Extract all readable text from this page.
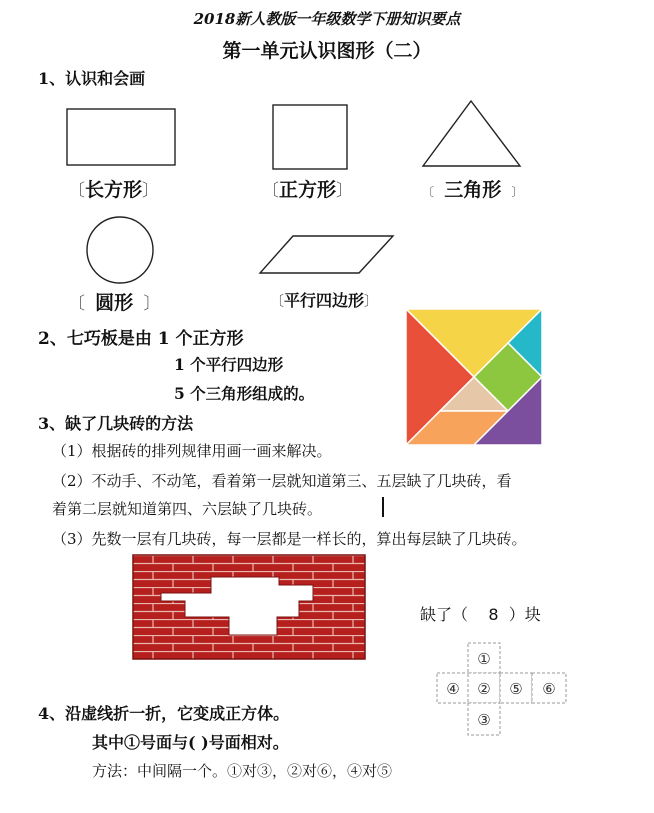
2018新人教版一年级数学下册知识要点
第一单元认识图形（二）
1、认识和会画
〔长方形〕	〔正方形〕	〔 三角形 〕
〔 圆形 〕	〔平行四边形〕
2、七巧板是由 1 个正方形
1 个平行四边形
5 个三角形组成的。
3、缺了几块砖的方法
（1）根据砖的排列规律用画一画来解决。
（2）不动手、不动笔，看着第一层就知道第三、五层缺了几块砖，看
着第二层就知道第四、六层缺了几块砖。
（3）先数一层有几块砖，每一层都是一样长的，算出每层缺了几块砖。
缺了（ 8 ）块
①
④ ② ⑤ ⑥
③
4、沿虚线折一折，它变成正方体。
其中①号面与( )号面相对。
方法：中间隔一个。①对③，②对⑥，④对⑤
